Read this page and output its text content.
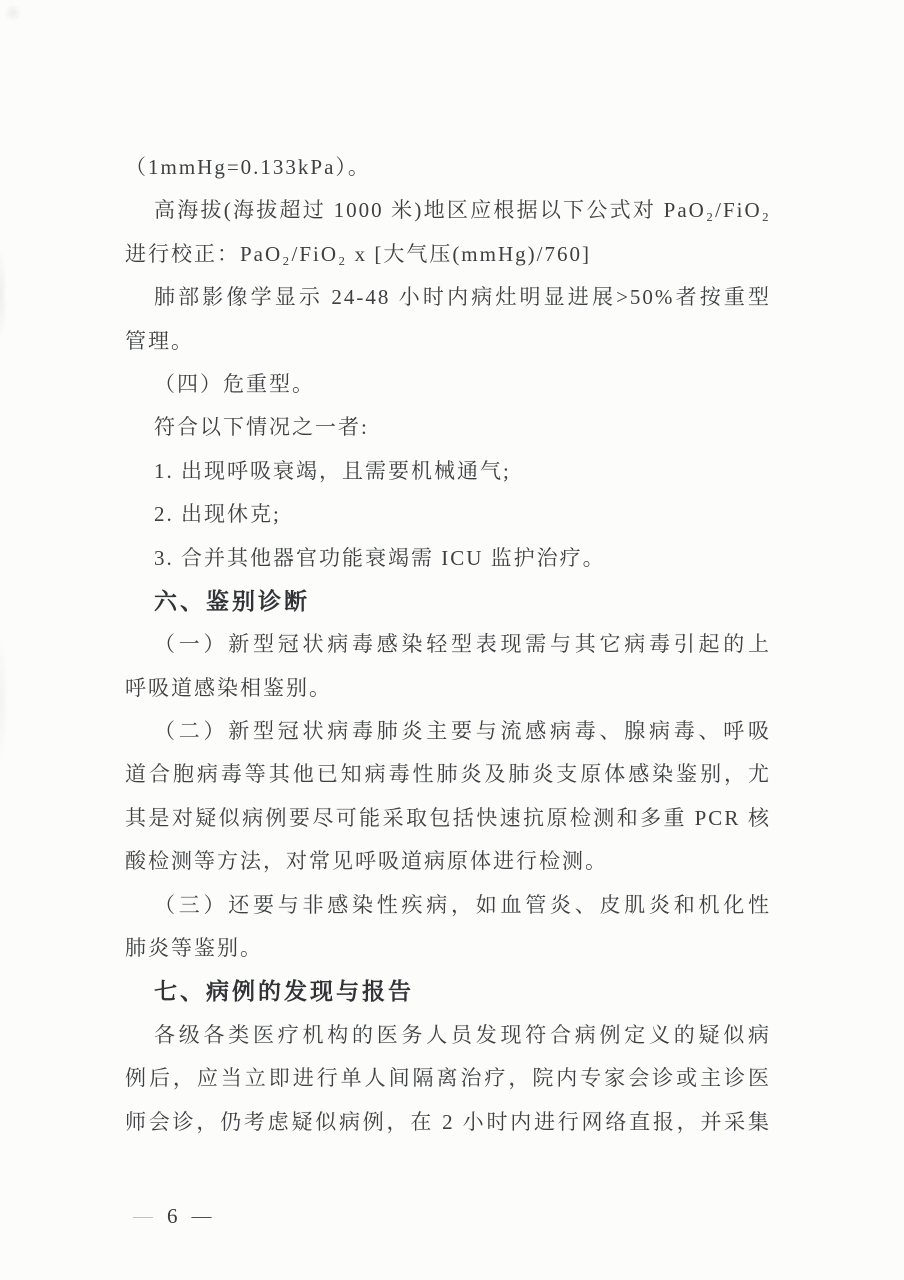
（1mmHg=0.133kPa）。
高海拔(海拔超过 1000 米)地区应根据以下公式对 PaO₂/FiO₂
进行校正：PaO₂/FiO₂ x [大气压(mmHg)/760]
肺部影像学显示 24-48 小时内病灶明显进展>50%者按重型
管理。
（四）危重型。
符合以下情况之一者:
1. 出现呼吸衰竭，且需要机械通气;
2. 出现休克;
3. 合并其他器官功能衰竭需 ICU 监护治疗。
六、鉴别诊断
（一）新型冠状病毒感染轻型表现需与其它病毒引起的上
呼吸道感染相鉴别。
（二）新型冠状病毒肺炎主要与流感病毒、腺病毒、呼吸
道合胞病毒等其他已知病毒性肺炎及肺炎支原体感染鉴别，尤
其是对疑似病例要尽可能采取包括快速抗原检测和多重 PCR 核
酸检测等方法，对常见呼吸道病原体进行检测。
（三）还要与非感染性疾病，如血管炎、皮肌炎和机化性
肺炎等鉴别。
七、病例的发现与报告
各级各类医疗机构的医务人员发现符合病例定义的疑似病
例后，应当立即进行单人间隔离治疗，院内专家会诊或主诊医
师会诊，仍考虑疑似病例，在 2 小时内进行网络直报，并采集
— 6 —
